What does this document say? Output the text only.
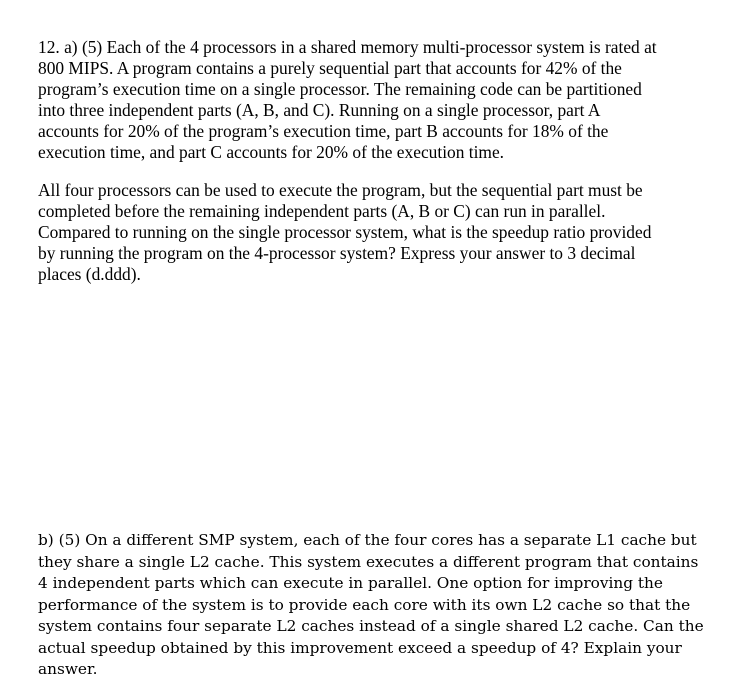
12. a) (5) Each of the 4 processors in a shared memory multi-processor system is rated at
800 MIPS. A program contains a purely sequential part that accounts for 42% of the
program’s execution time on a single processor. The remaining code can be partitioned
into three independent parts (A, B, and C). Running on a single processor, part A
accounts for 20% of the program’s execution time, part B accounts for 18% of the
execution time, and part C accounts for 20% of the execution time.
All four processors can be used to execute the program, but the sequential part must be
completed before the remaining independent parts (A, B or C) can run in parallel.
Compared to running on the single processor system, what is the speedup ratio provided
by running the program on the 4-processor system? Express your answer to 3 decimal
places (d.ddd).
b) (5) On a different SMP system, each of the four cores has a separate L1 cache but
they share a single L2 cache. This system executes a different program that contains
4 independent parts which can execute in parallel. One option for improving the
performance of the system is to provide each core with its own L2 cache so that the
system contains four separate L2 caches instead of a single shared L2 cache. Can the
actual speedup obtained by this improvement exceed a speedup of 4? Explain your
answer.
